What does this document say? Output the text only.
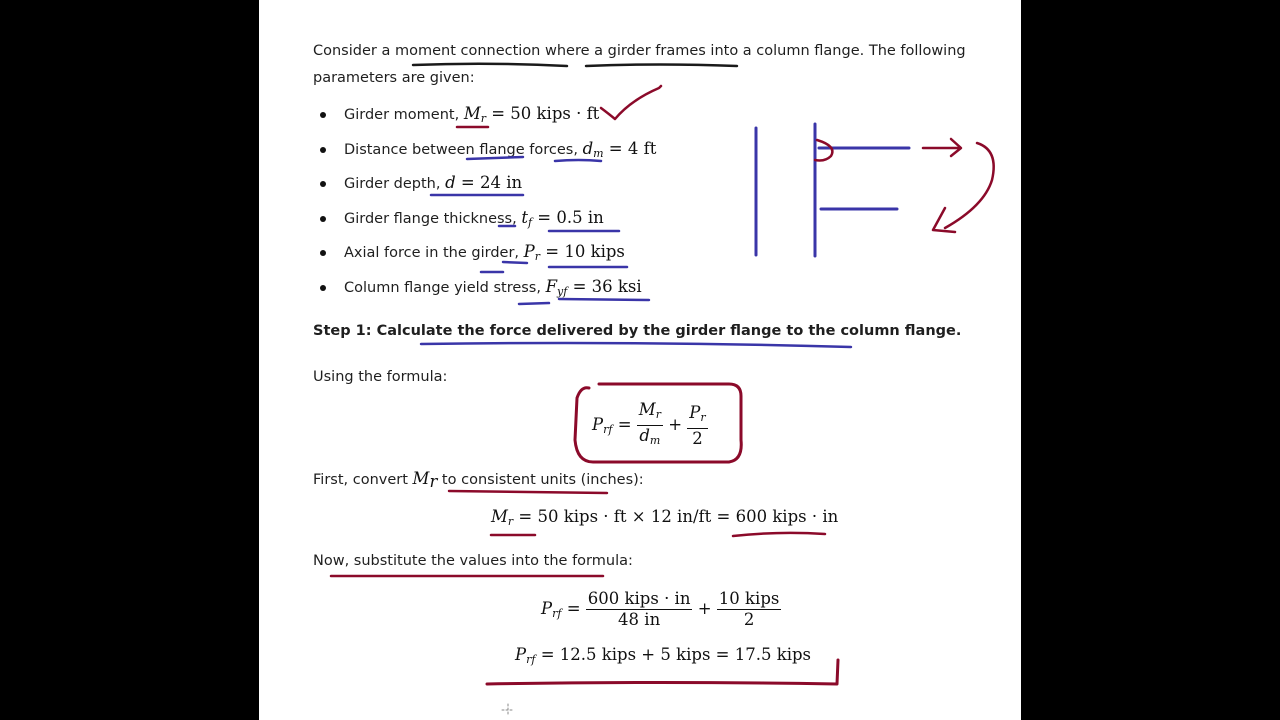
Consider a moment connection where a girder frames into a column flange. The following
parameters are given:
Girder moment, $M_r = 50$ kips · ft
Distance between flange forces, $d_m = 4$ ft
Girder depth, d = 24 in
Girder flange thickness, $t_f = 0.5$ in
Axial force in the girder, $P_r = 10$ kips
Column flange yield stress, $F_{yf} = 36$ ksi
Step 1: Calculate the force delivered by the girder flange to the column flange.
Using the formula:
$P_{rf} = \frac{M_r}{d_m} + \frac{P_r}{2}$
First, convert $M_r$ to consistent units (inches):
$M_r = 50$ kips · ft × 12 in/ft = 600 kips · in
Now, substitute the values into the formula:
$P_{rf} = \frac{\text{600 kips · in}}{48 in} + \frac{\text{10 kips}}{2}$
$P_{rf} = 12.5$ kips + 5 kips = 17.5 kips
